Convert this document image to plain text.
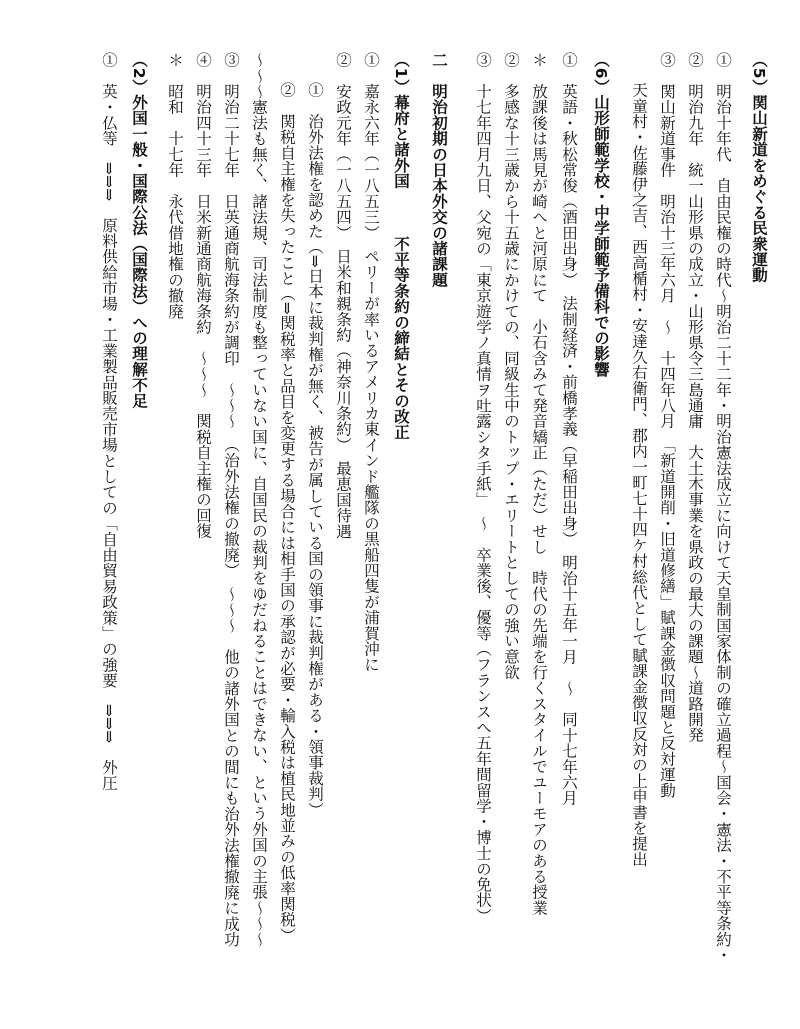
（5）関山新道をめぐる民衆運動
①　明治十年代　自由民権の時代～明治二十二年・明治憲法成立に向けて天皇制国家体制の確立過程～国会・憲法・不平等条約・
②　明治九年　統一山形県の成立・山形県令三島通庸　大土木事業を県政の最大の課題～道路開発
③　関山新道事件　明治十三年六月　～　十四年八月　「新道開削・旧道修繕」賦課金徴収問題と反対運動
天童村・佐藤伊之吉、西高楯村・安達久右衛門、郡内一町七十四ケ村総代として賦課金徴収反対の上申書を提出
（6）山形師範学校・中学師範予備科での影響
①　英語・秋松常俊（酒田出身）　法制経済・前橋孝義（早稲田出身）　明治十五年一月　～　同十七年六月
＊　放課後は馬見が崎へと河原にて　小石含みて発音矯正（ただ）せし　時代の先端を行くスタイルでユーモアのある授業
②　多感な十三歳から十五歳にかけての、同級生中のトップ・エリートとしての強い意欲
③　十七年四月九日、父宛の「東京遊学ノ真情ヲ吐露シタ手紙」　～　卒業後、優等（フランスへ五年間留学・博士の免状）
二　明治初期の日本外交の諸課題
（1）幕府と諸外国　　　不平等条約の締結とその改正
①　嘉永六年（一八五三）　ペリーが率いるアメリカ東インド艦隊の黒船四隻が浦賀沖に
②　安政元年（一八五四）　日米和親条約（神奈川条約）　最恵国待遇
①　治外法権を認めた（⇒日本に裁判権が無く、被告が属している国の領事に裁判権がある・領事裁判）
②　関税自主権を失ったこと（⇒関税率と品目を変更する場合には相手国の承認が必要・輸入税は植民地並みの低率関税）
～～～憲法も無く、諸法規、司法制度も整っていない国に、自国民の裁判をゆだねることはできない、という外国の主張～～～
③　明治二十七年　日英通商航海条約が調印　～～～　（治外法権の撤廃）　～～～　他の諸外国との間にも治外法権撤廃に成功
④　明治四十三年　日米新通商航海条約　～～～　関税自主権の回復
＊　昭和　十七年　永代借地権の撤廃
（2）外国一般・国際公法（国際法）への理解不足
①　英・仏等　⇒⇒⇒　原料供給市場・工業製品販売市場としての「自由貿易政策」の強要　⇒⇒⇒　外圧
